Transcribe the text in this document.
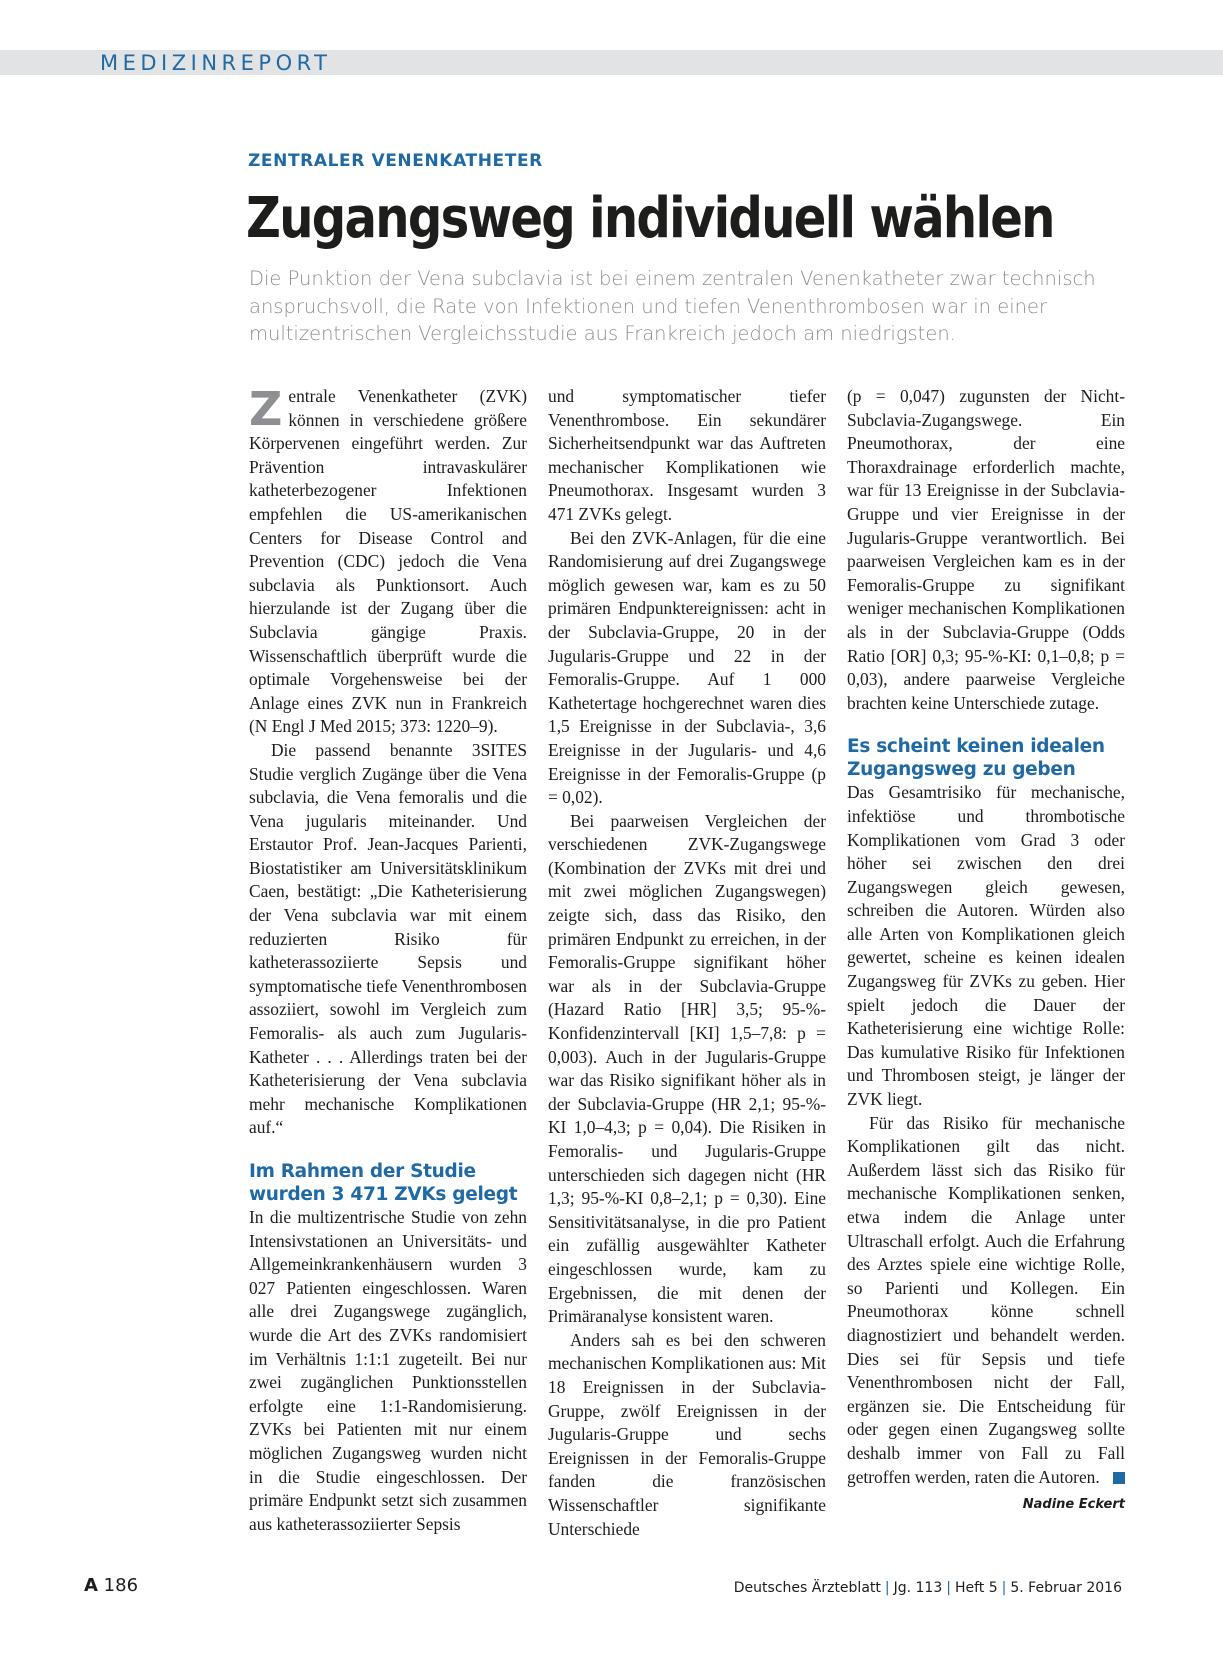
MEDIZINREPORT
ZENTRALER VENENKATHETER
Zugangsweg individuell wählen
Die Punktion der Vena subclavia ist bei einem zentralen Venenkatheter zwar technisch anspruchsvoll, die Rate von Infektionen und tiefen Venenthrombosen war in einer multizentrischen Vergleichsstudie aus Frankreich jedoch am niedrigsten.

Zentrale Venenkatheter (ZVK) können in verschiedene größere Körpervenen eingeführt werden. Zur Prävention intravaskulärer katheterbezogener Infektionen empfehlen die US-amerikanischen Centers for Disease Control and Prevention (CDC) jedoch die Vena subclavia als Punktionsort. Auch hierzulande ist der Zugang über die Subclavia gängige Praxis. Wissenschaftlich überprüft wurde die optimale Vorgehensweise bei der Anlage eines ZVK nun in Frankreich (N Engl J Med 2015; 373: 1220–9).

Die passend benannte 3SITES Studie verglich Zugänge über die Vena subclavia, die Vena femoralis und die Vena jugularis miteinander. Und Erstautor Prof. Jean-Jacques Parienti, Biostatistiker am Universitätsklinikum Caen, bestätigt: „Die Katheterisierung der Vena subclavia war mit einem reduzierten Risiko für katheterassoziierte Sepsis und symptomatische tiefe Venenthrombosen assoziiert, sowohl im Vergleich zum Femoralis- als auch zum Jugularis-Katheter . . . Allerdings traten bei der Katheterisierung der Vena subclavia mehr mechanische Komplikationen auf.“

Im Rahmen der Studie wurden 3 471 ZVKs gelegt

In die multizentrische Studie von zehn Intensivstationen an Universitäts- und Allgemeinkrankenhäusern wurden 3 027 Patienten eingeschlossen. Waren alle drei Zugangswege zugänglich, wurde die Art des ZVKs randomisiert im Verhältnis 1:1:1 zugeteilt. Bei nur zwei zugänglichen Punktionsstellen erfolgte eine 1:1-Randomisierung. ZVKs bei Patienten mit nur einem möglichen Zugangsweg wurden nicht in die Studie eingeschlossen. Der primäre Endpunkt setzt sich zusammen aus katheterassoziierter Sepsis

und symptomatischer tiefer Venenthrombose. Ein sekundärer Sicherheitsendpunkt war das Auftreten mechanischer Komplikationen wie Pneumothorax. Insgesamt wurden 3 471 ZVKs gelegt.

Bei den ZVK-Anlagen, für die eine Randomisierung auf drei Zugangswege möglich gewesen war, kam es zu 50 primären Endpunktereignissen: acht in der Subclavia-Gruppe, 20 in der Jugularis-Gruppe und 22 in der Femoralis-Gruppe. Auf 1 000 Kathetertage hochgerechnet waren dies 1,5 Ereignisse in der Subclavia-, 3,6 Ereignisse in der Jugularis- und 4,6 Ereignisse in der Femoralis-Gruppe (p = 0,02).

Bei paarweisen Vergleichen der verschiedenen ZVK-Zugangswege (Kombination der ZVKs mit drei und mit zwei möglichen Zugangswegen) zeigte sich, dass das Risiko, den primären Endpunkt zu erreichen, in der Femoralis-Gruppe signifikant höher war als in der Subclavia-Gruppe (Hazard Ratio [HR] 3,5; 95-%-Konfidenzintervall [KI] 1,5–7,8: p = 0,003). Auch in der Jugularis-Gruppe war das Risiko signifikant höher als in der Subclavia-Gruppe (HR 2,1; 95-%-KI 1,0–4,3; p = 0,04). Die Risiken in Femoralis- und Jugularis-Gruppe unterschieden sich dagegen nicht (HR 1,3; 95-%-KI 0,8–2,1; p = 0,30). Eine Sensitivitätsanalyse, in die pro Patient ein zufällig ausgewählter Katheter eingeschlossen wurde, kam zu Ergebnissen, die mit denen der Primäranalyse konsistent waren.

Anders sah es bei den schweren mechanischen Komplikationen aus: Mit 18 Ereignissen in der Subclavia-Gruppe, zwölf Ereignissen in der Jugularis-Gruppe und sechs Ereignissen in der Femoralis-Gruppe fanden die französischen Wissenschaftler signifikante Unterschiede

(p = 0,047) zugunsten der Nicht-Subclavia-Zugangswege. Ein Pneumothorax, der eine Thoraxdrainage erforderlich machte, war für 13 Ereignisse in der Subclavia-Gruppe und vier Ereignisse in der Jugularis-Gruppe verantwortlich. Bei paarweisen Vergleichen kam es in der Femoralis-Gruppe zu signifikant weniger mechanischen Komplikationen als in der Subclavia-Gruppe (Odds Ratio [OR] 0,3; 95-%-KI: 0,1–0,8; p = 0,03), andere paarweise Vergleiche brachten keine Unterschiede zutage.

Es scheint keinen idealen Zugangsweg zu geben

Das Gesamtrisiko für mechanische, infektiöse und thrombotische Komplikationen vom Grad 3 oder höher sei zwischen den drei Zugangswegen gleich gewesen, schreiben die Autoren. Würden also alle Arten von Komplikationen gleich gewertet, scheine es keinen idealen Zugangsweg für ZVKs zu geben. Hier spielt jedoch die Dauer der Katheterisierung eine wichtige Rolle: Das kumulative Risiko für Infektionen und Thrombosen steigt, je länger der ZVK liegt.

Für das Risiko für mechanische Komplikationen gilt das nicht. Außerdem lässt sich das Risiko für mechanische Komplikationen senken, etwa indem die Anlage unter Ultraschall erfolgt. Auch die Erfahrung des Arztes spiele eine wichtige Rolle, so Parienti und Kollegen. Ein Pneumothorax könne schnell diagnostiziert und behandelt werden. Dies sei für Sepsis und tiefe Venenthrombosen nicht der Fall, ergänzen sie. Die Entscheidung für oder gegen einen Zugangsweg sollte deshalb immer von Fall zu Fall getroffen werden, raten die Autoren.

Nadine Eckert
A 186	Deutsches Ärzteblatt | Jg. 113 | Heft 5 | 5. Februar 2016
